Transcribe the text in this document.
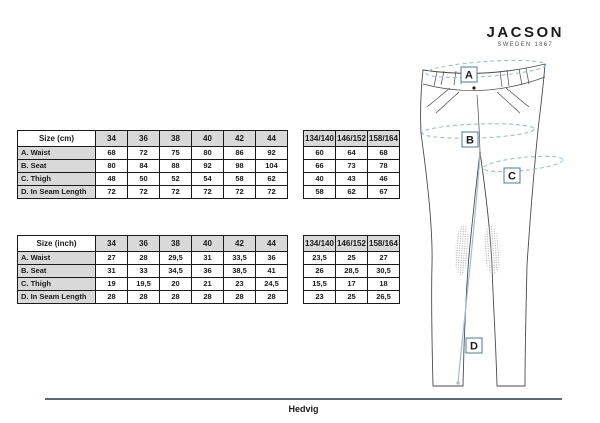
JACSON
SWEDEN 1867
Size (cm)	34	36	38	40	42	44
A. Waist	68	72	75	80	86	92
B. Seat	80	84	88	92	98	104
C. Thigh	48	50	52	54	58	62
D. In Seam Length	72	72	72	72	72	72
134/140	146/152	158/164
60	64	68
66	73	78
40	43	46
58	62	67
Size (inch)	34	36	38	40	42	44
A. Waist	27	28	29,5	31	33,5	36
B. Seat	31	33	34,5	36	38,5	41
C. Thigh	19	19,5	20	21	23	24,5
D. In Seam Length	28	28	28	28	28	28
134/140	146/152	158/164
23,5	25	27
26	28,5	30,5
15,5	17	18
23	25	26,5
A
B
C
D
Hedvig
